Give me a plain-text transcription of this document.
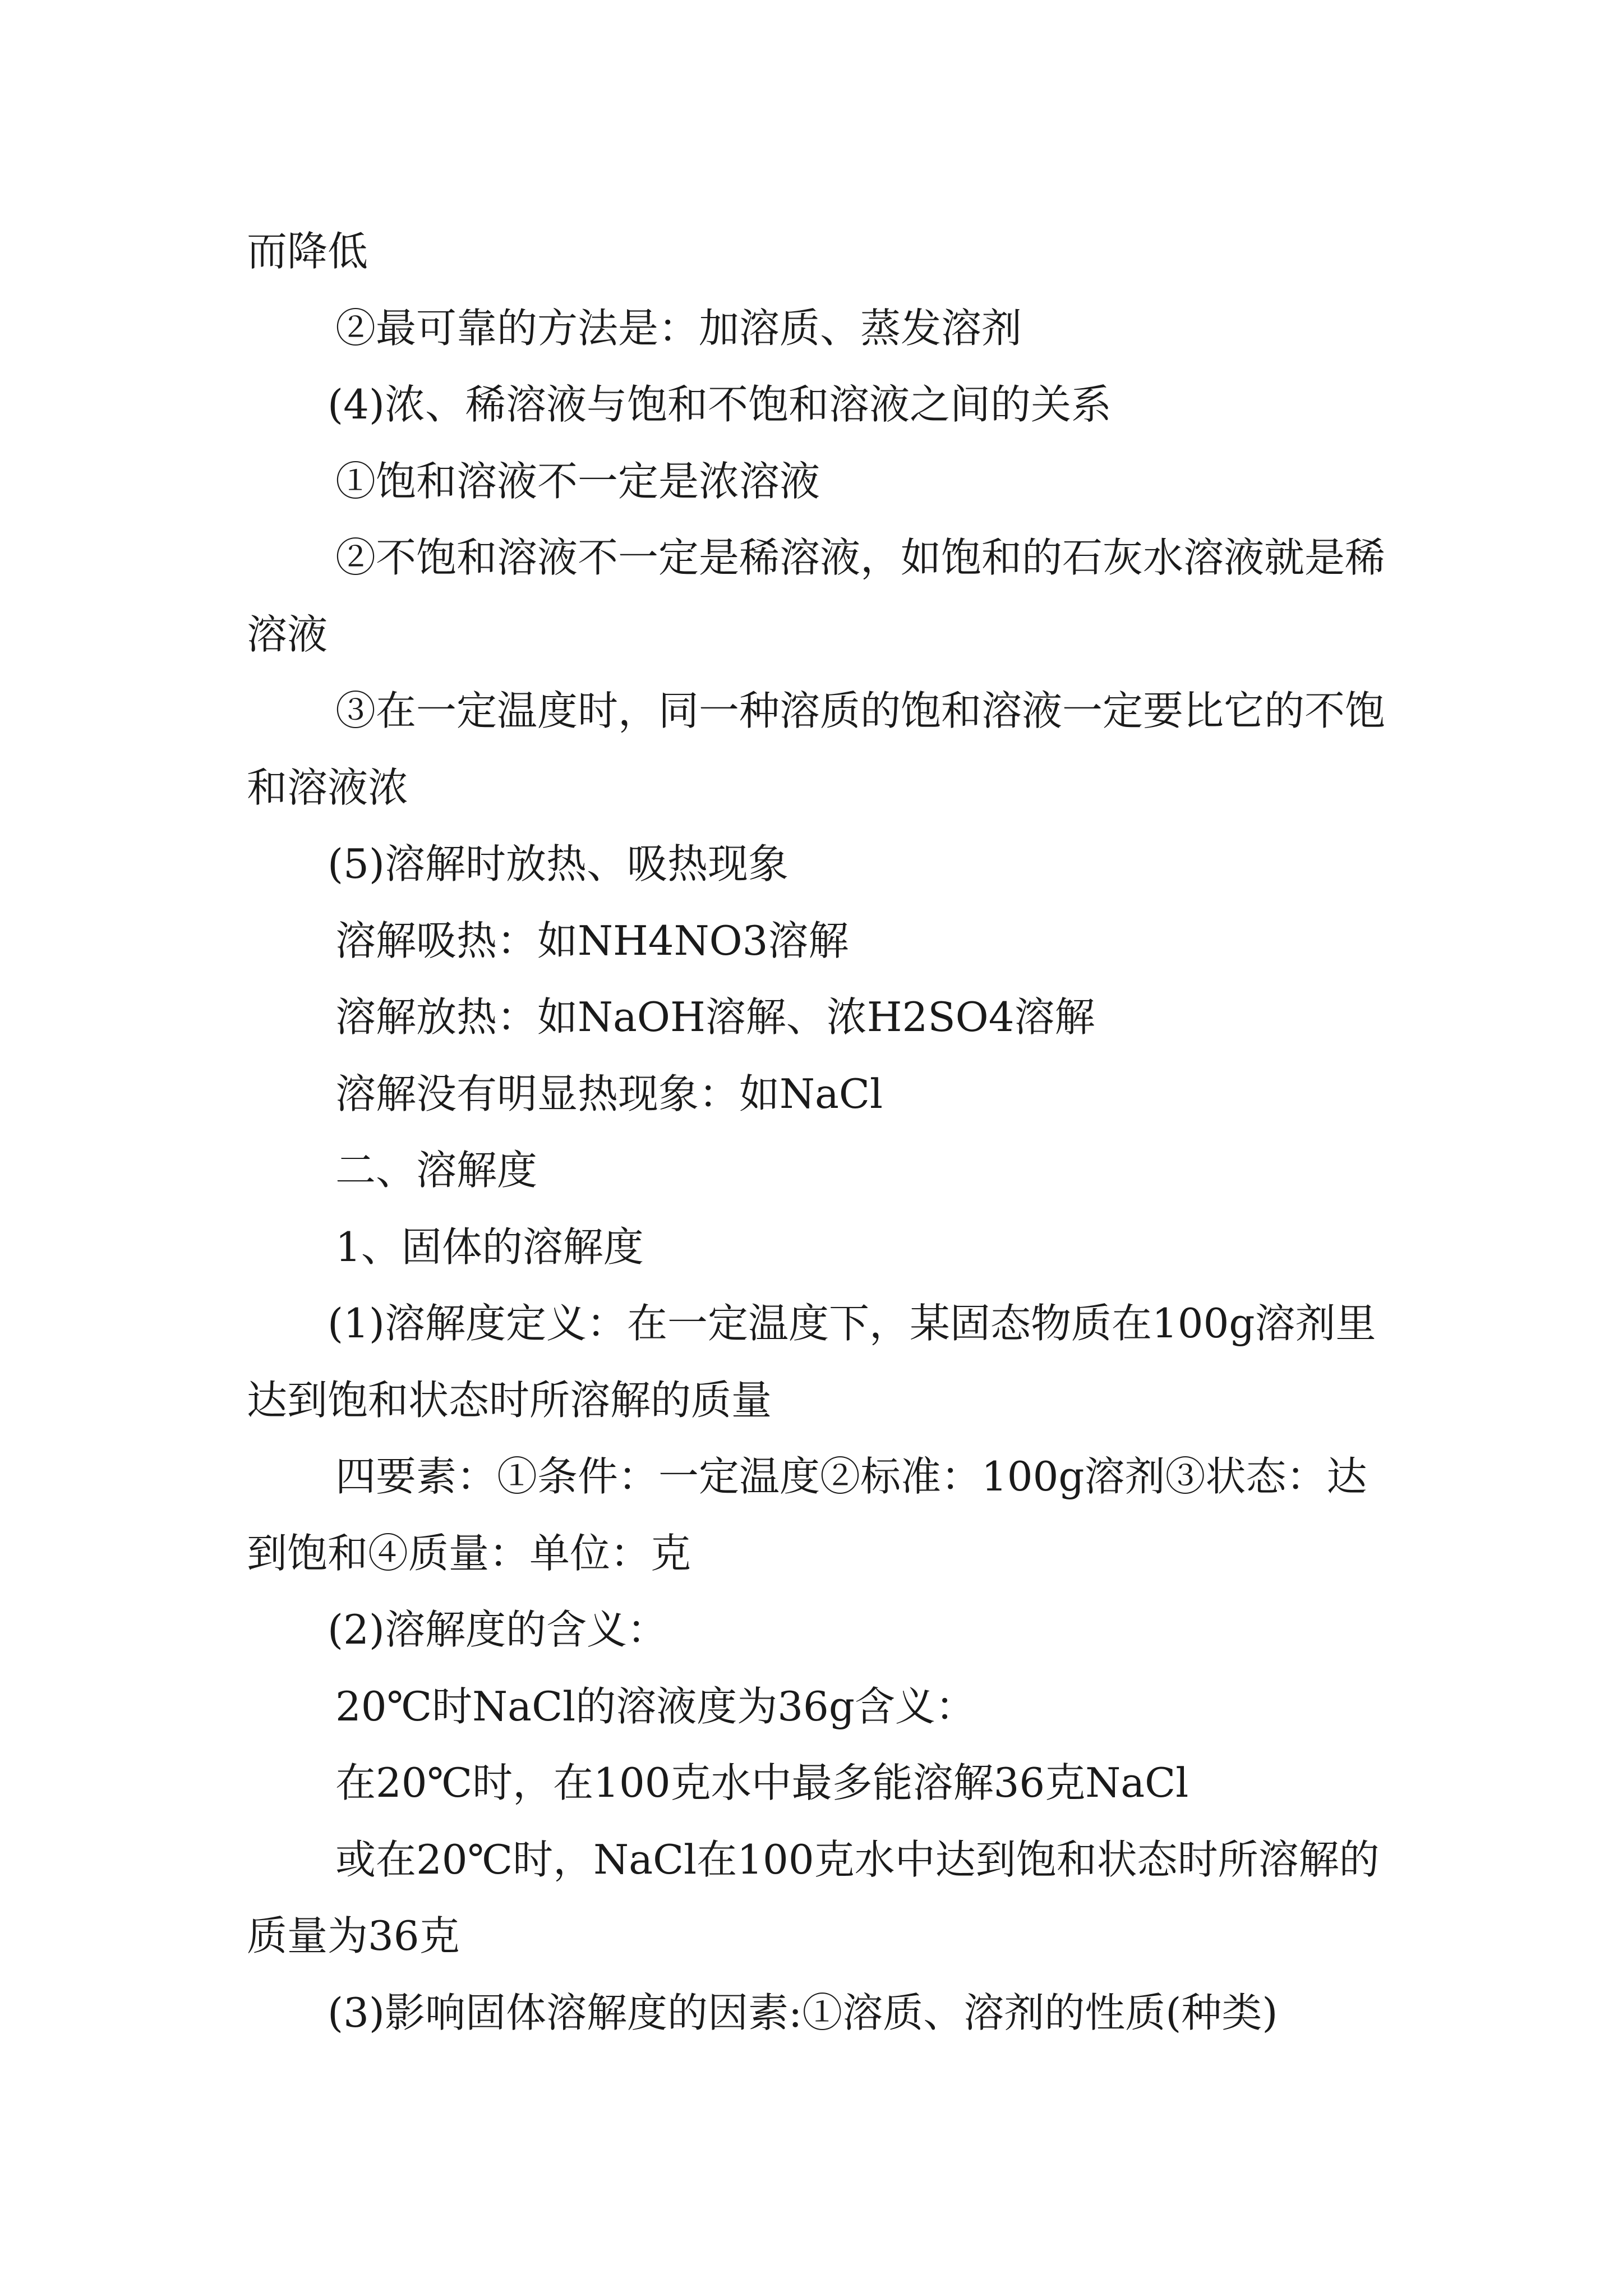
而降低

②最可靠的方法是：加溶质、蒸发溶剂

(4)浓、稀溶液与饱和不饱和溶液之间的关系

①饱和溶液不一定是浓溶液

②不饱和溶液不一定是稀溶液，如饱和的石灰水溶液就是稀溶液

③在一定温度时，同一种溶质的饱和溶液一定要比它的不饱和溶液浓

(5)溶解时放热、吸热现象

溶解吸热：如NH4NO3溶解

溶解放热：如NaOH溶解、浓H2SO4溶解

溶解没有明显热现象：如NaCl

二、溶解度

1、固体的溶解度

(1)溶解度定义：在一定温度下，某固态物质在100g溶剂里达到饱和状态时所溶解的质量

四要素：①条件：一定温度②标准：100g溶剂③状态：达到饱和④质量：单位：克

(2)溶解度的含义：

20℃时NaCl的溶液度为36g含义：

在20℃时，在100克水中最多能溶解36克NaCl

或在20℃时，NaCl在100克水中达到饱和状态时所溶解的质量为36克

(3)影响固体溶解度的因素:①溶质、溶剂的性质(种类)
